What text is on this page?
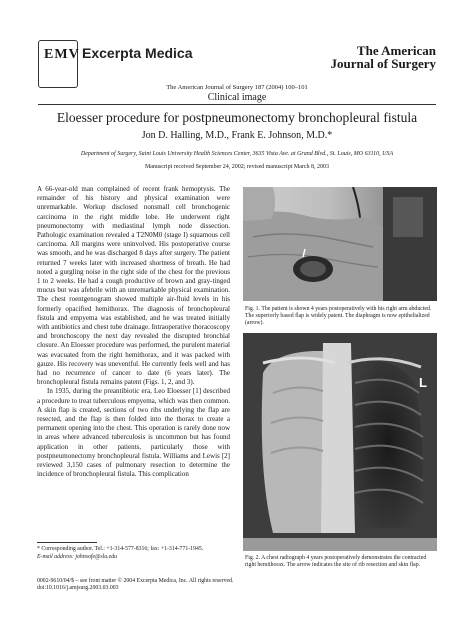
EMV Excerpta Medica	The American
Journal of Surgery
The American Journal of Surgery 187 (2004) 100–101
Clinical image
Eloesser procedure for postpneumonectomy bronchopleural fistula
Jon D. Halling, M.D., Frank E. Johnson, M.D.*
Department of Surgery, Saint Louis University Health Sciences Center, 3635 Vista Ave. at Grand Blvd., St. Louis, MO 63110, USA
Manuscript received September 24, 2002; revised manuscript March 8, 2003

A 66-year-old man complained of recent frank hemoptysis. The remainder of his history and physical examination were unremarkable. Workup disclosed nonsmall cell bronchogenic carcinoma in the right middle lobe. He underwent right pneumonectomy with mediastinal lymph node dissection. Pathologic examination revealed a T2N0M0 (stage I) squamous cell carcinoma. All margins were uninvolved. His postoperative course was smooth, and he was discharged 8 days after surgery. The patient returned 7 weeks later with increased shortness of breath. He had noted a gurgling noise in the right side of the chest for the previous 1 to 2 weeks. He had a cough productive of brown and gray-tinged mucus but was afebrile with an unremarkable physical examination. The chest roentgenogram showed multiple air-fluid levels in his formerly opacified hemithorax. The diagnosis of bronchopleural fistula and empyema was established, and he was treated initially with antibiotics and chest tube drainage. Intraoperative thoracoscopy and bronchoscopy the next day revealed the disrupted bronchial closure. An Eloesser procedure was performed, the purulent material was evacuated from the right hemithorax, and it was packed with gauze. His recovery was uneventful. He currently feels well and has had no recurrence of cancer to date (6 years later). The bronchopleural fistula remains patent (Figs. 1, 2, and 3).

In 1935, during the preantibiotic era, Leo Eloesser [1] described a procedure to treat tuberculous empyema, which was then common. A skin flap is created, sections of two ribs underlying the flap are resected, and the flap is then folded into the thorax to create a permanent opening into the chest. This operation is rarely done now in areas where advanced tuberculosis is uncommon but has found application in other patients, particularly those with postpneumonectomy bronchopleural fistula. Williams and Lewis [2] reviewed 3,150 cases of pulmonary resection to determine the incidence of bronchopleural fistula. This complication

* Corresponding author. Tel.: +1-314-577-8316; fax: +1-314-771-1945.
E-mail address: johnsofe@slu.edu
0002-9610/04/$ – see front matter © 2004 Excerpta Medica, Inc. All rights reserved.
doi:10.1016/j.amjsurg.2003.03.003
Fig. 1. The patient is shown 4 years postoperatively with his right arm abducted. The superiorly based flap is widely patent. The diaphragm is now epithelialized (arrow).
L
Fig. 2. A chest radiograph 4 years postoperatively demonstrates the contracted right hemithorax. The arrow indicates the site of rib resection and skin flap.
